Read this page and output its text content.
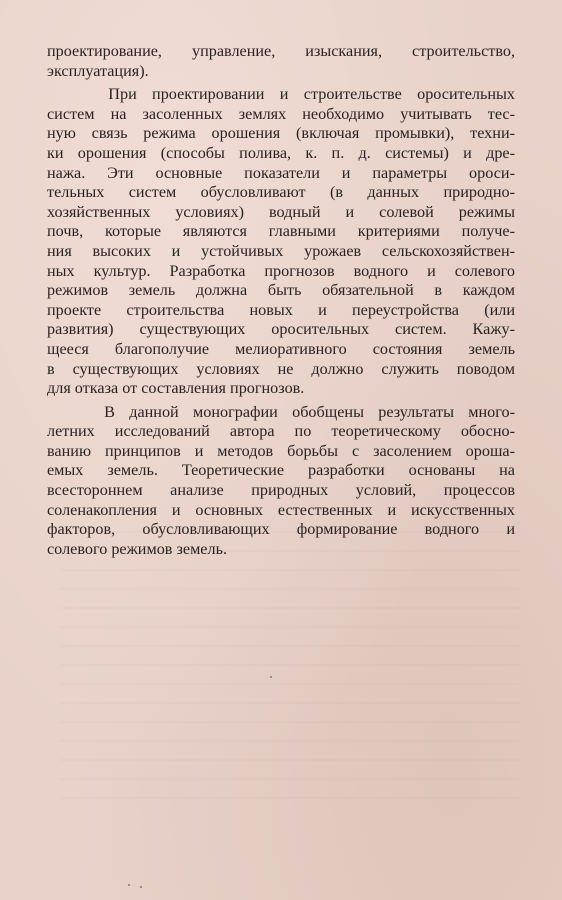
проектирование, управление, изыскания, строительство,
эксплуатация).
При проектировании и строительстве оросительных
систем на засоленных землях необходимо учитывать тес-
ную связь режима орошения (включая промывки), техни-
ки орошения (способы полива, к. п. д. системы) и дре-
нажа. Эти основные показатели и параметры ороси-
тельных систем обусловливают (в данных природно-
хозяйственных условиях) водный и солевой режимы
почв, которые являются главными критериями получе-
ния высоких и устойчивых урожаев сельскохозяйствен-
ных культур. Разработка прогнозов водного и солевого
режимов земель должна быть обязательной в каждом
проекте строительства новых и переустройства (или
развития) существующих оросительных систем. Кажу-
щееся благополучие мелиоративного состояния земель
в существующих условиях не должно служить поводом
для отказа от составления прогнозов.
В данной монографии обобщены результаты много-
летних исследований автора по теоретическому обосно-
ванию принципов и методов борьбы с засолением ороша-
емых земель. Теоретические разработки основаны на
всестороннем анализе природных условий, процессов
соленакопления и основных естественных и искусственных
факторов, обусловливающих формирование водного и
солевого режимов земель.
